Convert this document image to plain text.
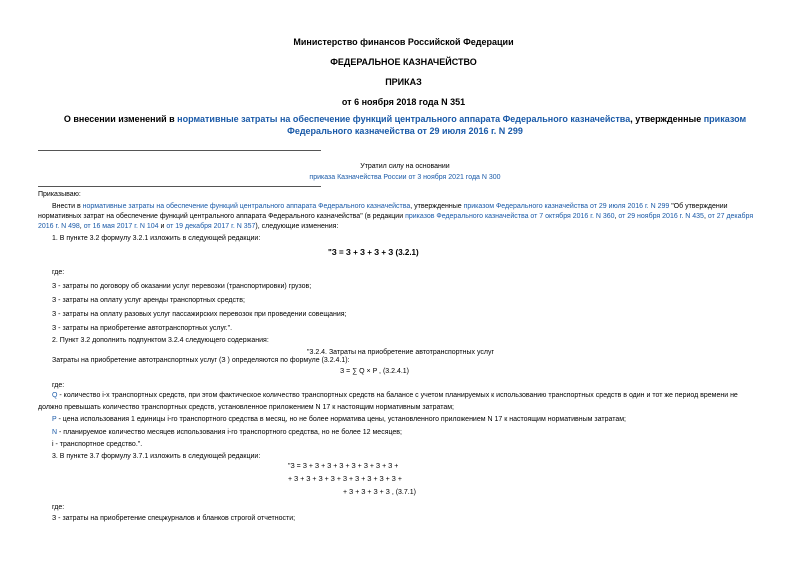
Министерство финансов Российской Федерации
ФЕДЕРАЛЬНОЕ КАЗНАЧЕЙСТВО
ПРИКАЗ
от 6 ноября 2018 года N 351
О внесении изменений в нормативные затраты на обеспечение функций центрального аппарата Федерального казначейства, утвержденные приказом Федерального казначейства от 29 июля 2016 г. N 299
Утратил силу на основании
приказа Казначейства России от 3 ноября 2021 года N 300
Приказываю:
Внести в нормативные затраты на обеспечение функций центрального аппарата Федерального казначейства, утвержденные приказом Федерального казначейства от 29 июля 2016 г. N 299 "Об утверждении нормативных затрат на обеспечение функций центрального аппарата Федерального казначейства" (в редакции приказов Федерального казначейства от 7 октября 2016 г. N 360, от 29 ноября 2016 г. N 435, от 27 декабря 2016 г. N 498, от 16 мая 2017 г. N 104 и от 19 декабря 2017 г. N 357), следующие изменения:
1. В пункте 3.2 формулу 3.2.1 изложить в следующей редакции:
"З = З + З + З + З (3.2.1)
где:
З - затраты по договору об оказании услуг перевозки (транспортировки) грузов;
З - затраты на оплату услуг аренды транспортных средств;
З - затраты на оплату разовых услуг пассажирских перевозок при проведении совещания;
З - затраты на приобретение автотранспортных услуг.".
2. Пункт 3.2 дополнить подпунктом 3.2.4 следующего содержания:
"3.2.4. Затраты на приобретение автотранспортных услуг
Затраты на приобретение автотранспортных услуг (З ) определяются по формуле (3.2.4.1):
З = ∑ Q × P , (3.2.4.1)
где:
Q - количество i-х транспортных средств, при этом фактическое количество транспортных средств на балансе с учетом планируемых к использованию транспортных средств в один и тот же период времени не
должно превышать количество транспортных средств, установленное приложением N 17 к настоящим нормативным затратам;
P - цена использования 1 единицы i-го транспортного средства в месяц, но не более норматива цены, установленного приложением N 17 к настоящим нормативным затратам;
N - планируемое количество месяцев использования i-го транспортного средства, но не более 12 месяцев;
i - транспортное средство.".
3. В пункте 3.7 формулу 3.7.1 изложить в следующей редакции:
"З = З + З + З + З + З + З + З + З +
+ З + З + З + З + З + З + З + З + З +
+ З + З + З + З , (3.7.1)
где:
З - затраты на приобретение спецжурналов и бланков строгой отчетности;
